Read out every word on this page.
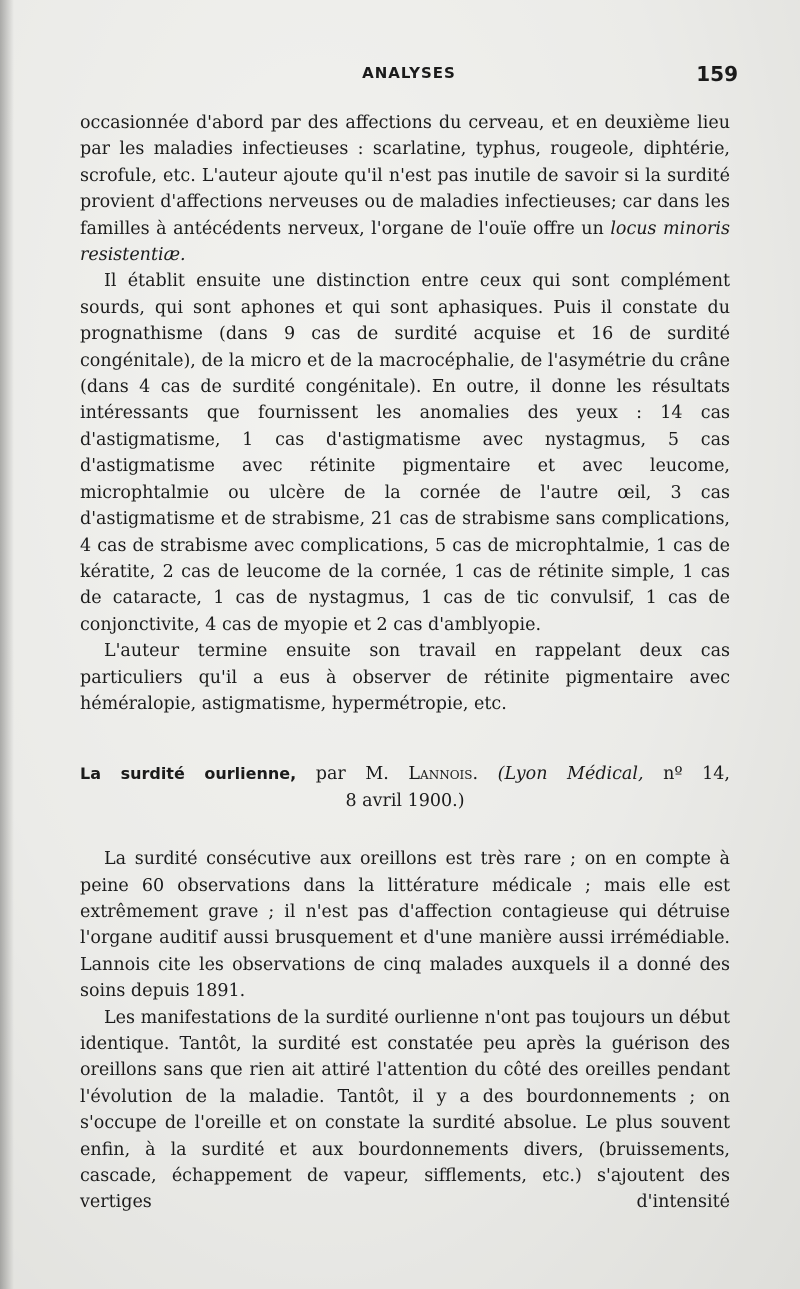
ANALYSES	159

occasionnée d'abord par des affections du cerveau, et en deuxième lieu par les maladies infectieuses : scarlatine, typhus, rougeole, diphtérie, scrofule, etc. L'auteur ajoute qu'il n'est pas inutile de savoir si la surdité provient d'affections nerveuses ou de maladies infectieuses; car dans les familles à antécédents nerveux, l'organe de l'ouïe offre un locus minoris resistentiæ.

Il établit ensuite une distinction entre ceux qui sont complément sourds, qui sont aphones et qui sont aphasiques. Puis il constate du prognathisme (dans 9 cas de surdité acquise et 16 de surdité congénitale), de la micro et de la macrocéphalie, de l'asymétrie du crâne (dans 4 cas de surdité congénitale). En outre, il donne les résultats intéressants que fournissent les anomalies des yeux : 14 cas d'astigmatisme, 1 cas d'astigmatisme avec nystagmus, 5 cas d'astigmatisme avec rétinite pigmentaire et avec leucome, microphtalmie ou ulcère de la cornée de l'autre œil, 3 cas d'astigmatisme et de strabisme, 21 cas de strabisme sans complications, 4 cas de strabisme avec complications, 5 cas de microphtalmie, 1 cas de kératite, 2 cas de leucome de la cornée, 1 cas de rétinite simple, 1 cas de cataracte, 1 cas de nystagmus, 1 cas de tic convulsif, 1 cas de conjonctivite, 4 cas de myopie et 2 cas d'amblyopie.

L'auteur termine ensuite son travail en rappelant deux cas particuliers qu'il a eus à observer de rétinite pigmentaire avec héméralopie, astigmatisme, hypermétropie, etc.

La surdité ourlienne, par M. Lannois. (Lyon Médical, nº 14,

8 avril 1900.)

La surdité consécutive aux oreillons est très rare ; on en compte à peine 60 observations dans la littérature médicale ; mais elle est extrêmement grave ; il n'est pas d'affection contagieuse qui détruise l'organe auditif aussi brusquement et d'une manière aussi irrémédiable. Lannois cite les observations de cinq malades auxquels il a donné des soins depuis 1891.

Les manifestations de la surdité ourlienne n'ont pas toujours un début identique. Tantôt, la surdité est constatée peu après la guérison des oreillons sans que rien ait attiré l'attention du côté des oreilles pendant l'évolution de la maladie. Tantôt, il y a des bourdonnements ; on s'occupe de l'oreille et on constate la surdité absolue. Le plus souvent enfin, à la surdité et aux bourdonnements divers, (bruissements, cascade, échappement de vapeur, sifflements, etc.) s'ajoutent des vertiges d'intensité
